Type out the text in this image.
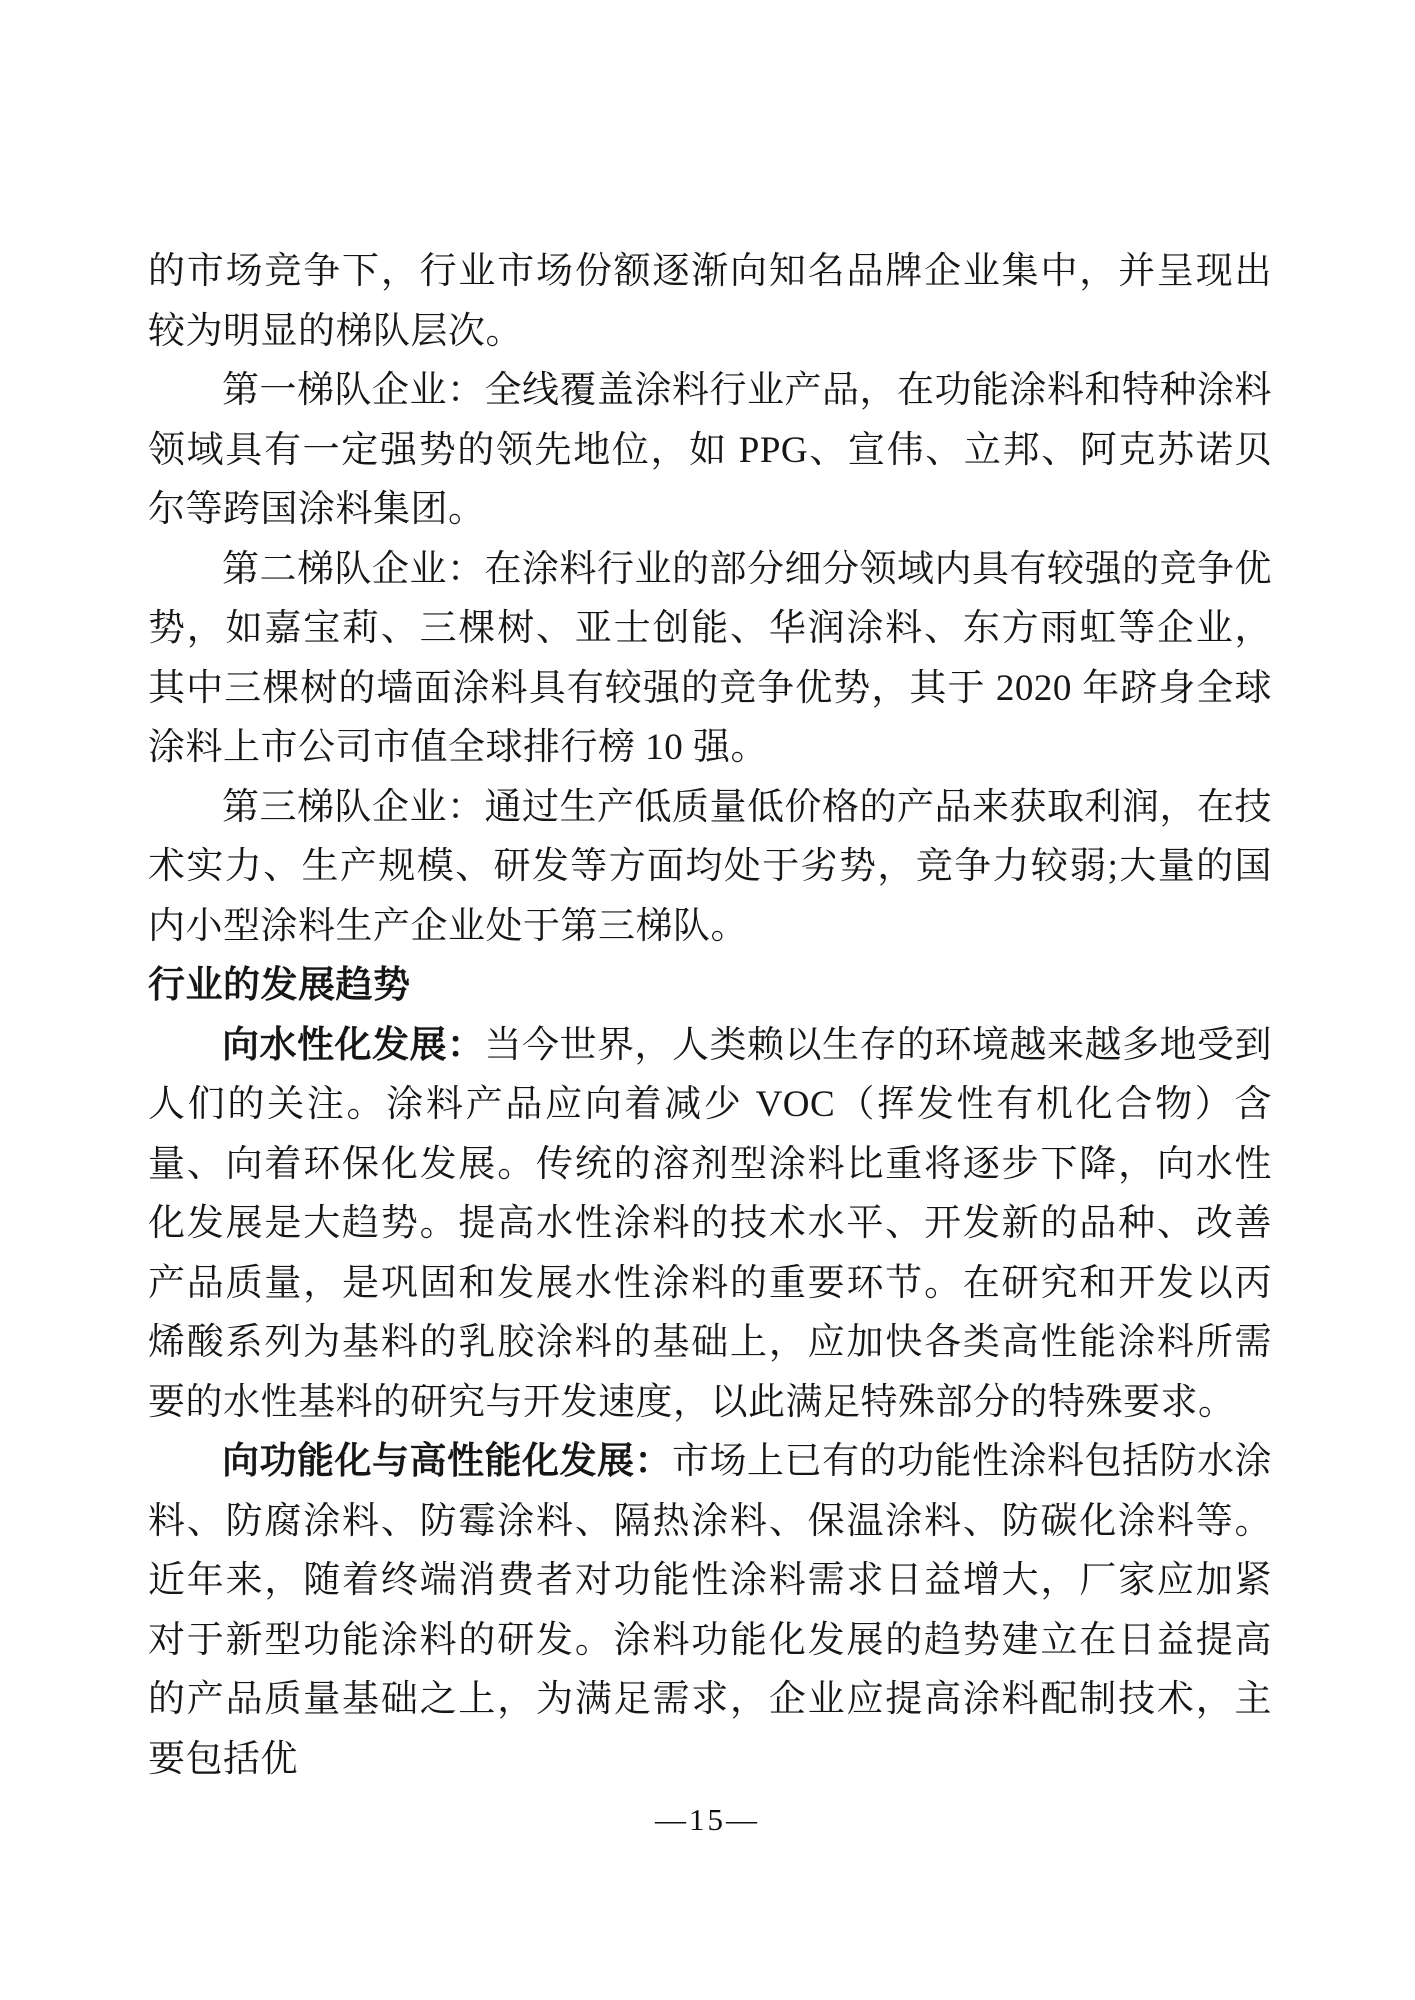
的市场竞争下，行业市场份额逐渐向知名品牌企业集中，并呈现出较为明显的梯队层次。

第一梯队企业：全线覆盖涂料行业产品，在功能涂料和特种涂料领域具有一定强势的领先地位，如 PPG、宣伟、立邦、阿克苏诺贝尔等跨国涂料集团。

第二梯队企业：在涂料行业的部分细分领域内具有较强的竞争优势，如嘉宝莉、三棵树、亚士创能、华润涂料、东方雨虹等企业，其中三棵树的墙面涂料具有较强的竞争优势，其于 2020 年跻身全球涂料上市公司市值全球排行榜 10 强。

第三梯队企业：通过生产低质量低价格的产品来获取利润，在技术实力、生产规模、研发等方面均处于劣势，竞争力较弱;大量的国内小型涂料生产企业处于第三梯队。

行业的发展趋势

向水性化发展：当今世界，人类赖以生存的环境越来越多地受到人们的关注。涂料产品应向着减少 VOC（挥发性有机化合物）含量、向着环保化发展。传统的溶剂型涂料比重将逐步下降，向水性化发展是大趋势。提高水性涂料的技术水平、开发新的品种、改善产品质量，是巩固和发展水性涂料的重要环节。在研究和开发以丙烯酸系列为基料的乳胶涂料的基础上，应加快各类高性能涂料所需要的水性基料的研究与开发速度，以此满足特殊部分的特殊要求。

向功能化与高性能化发展：市场上已有的功能性涂料包括防水涂料、防腐涂料、防霉涂料、隔热涂料、保温涂料、防碳化涂料等。近年来，随着终端消费者对功能性涂料需求日益增大，厂家应加紧对于新型功能涂料的研发。涂料功能化发展的趋势建立在日益提高的产品质量基础之上，为满足需求，企业应提高涂料配制技术，主要包括优

—15—
